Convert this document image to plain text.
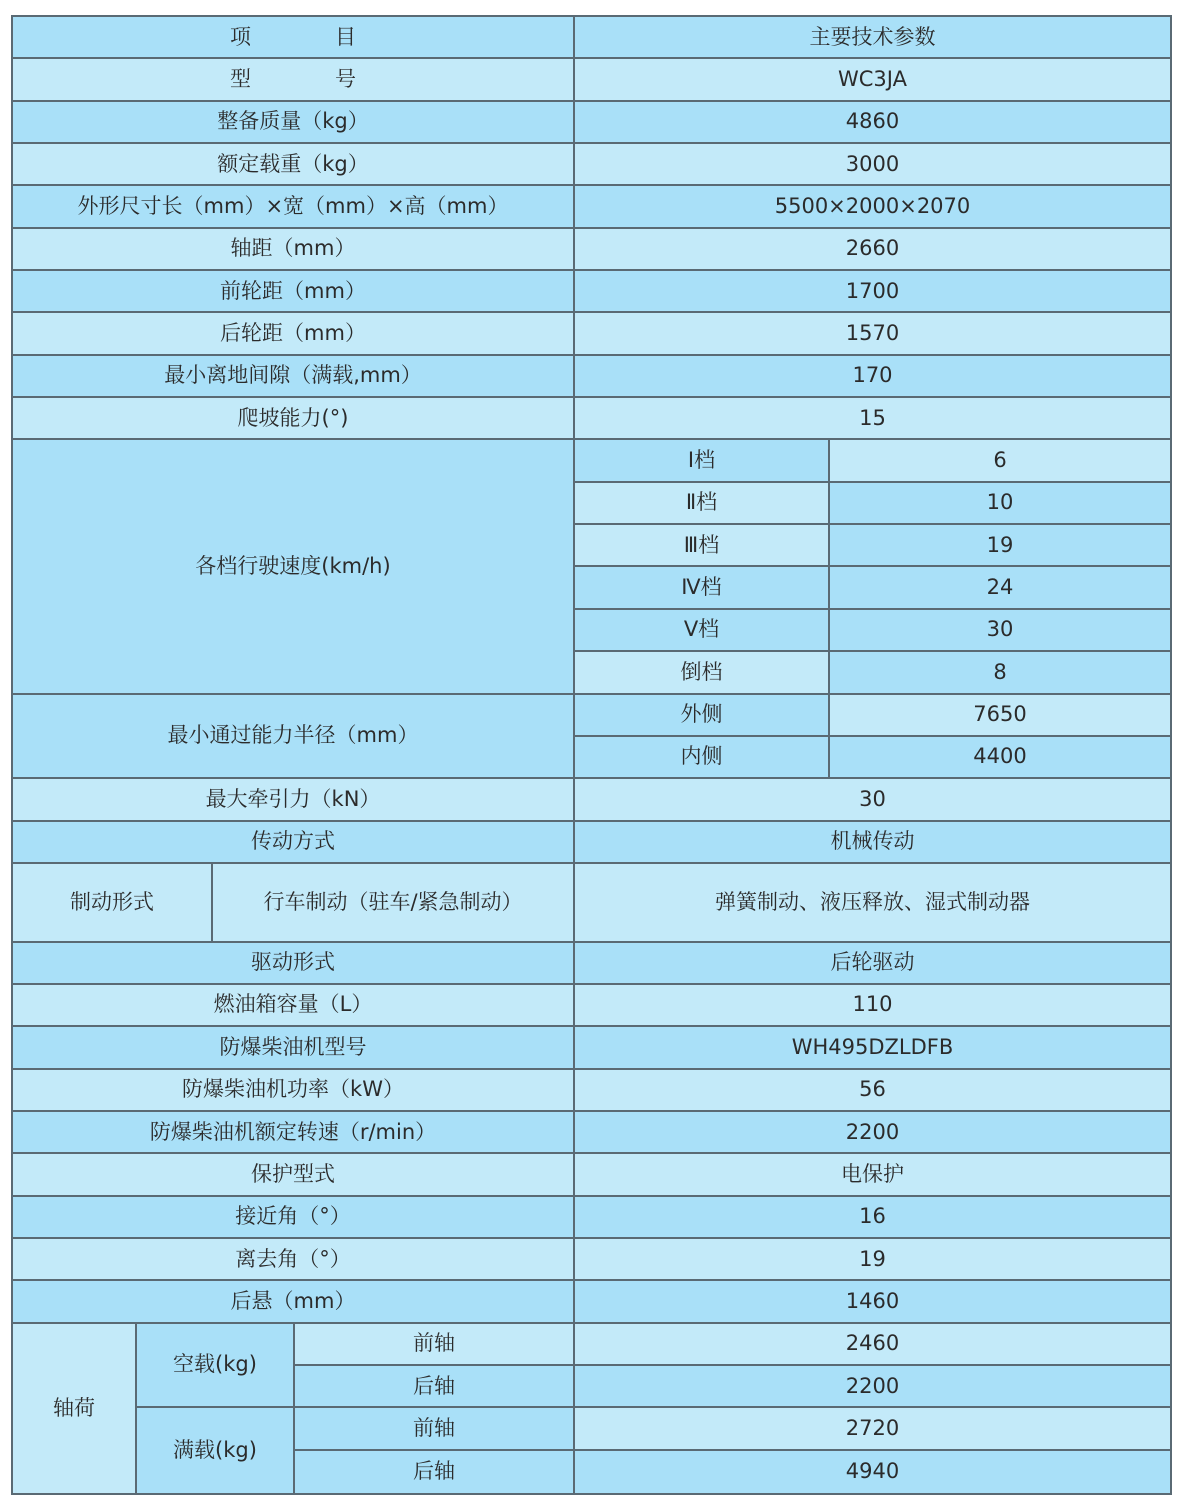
项　　　　目				主要技术参数	
型　　　　号				WC3JA	
整备质量（kg）				4860	
额定载重（kg）				3000	
外形尺寸长（mm）×宽（mm）×高（mm）				5500×2000×2070	
轴距（mm）				2660	
前轮距（mm）				1700	
后轮距（mm）				1570	
最小离地间隙（满载,mm）				170	
爬坡能力(°)				15	
各档行驶速度(km/h)				Ⅰ档	6
				Ⅱ档	10
				Ⅲ档	19
				Ⅳ档	24
				Ⅴ档	30
				倒档	8
最小通过能力半径（mm）				外侧	7650
				内侧	4400
最大牵引力（kN）				30	
传动方式				机械传动	
制动形式		行车制动（驻车/紧急制动）		弹簧制动、液压释放、湿式制动器	
驱动形式				后轮驱动	
燃油箱容量（L）				110	
防爆柴油机型号				WH495DZLDFB	
防爆柴油机功率（kW）				56	
防爆柴油机额定转速（r/min）				2200	
保护型式				电保护	
接近角（°）				16	
离去角（°）				19	
后悬（mm）				1460	
轴荷	空载(kg)		前轴	2460	
			后轴	2200	
	满载(kg)		前轴	2720	
			后轴	4940	
